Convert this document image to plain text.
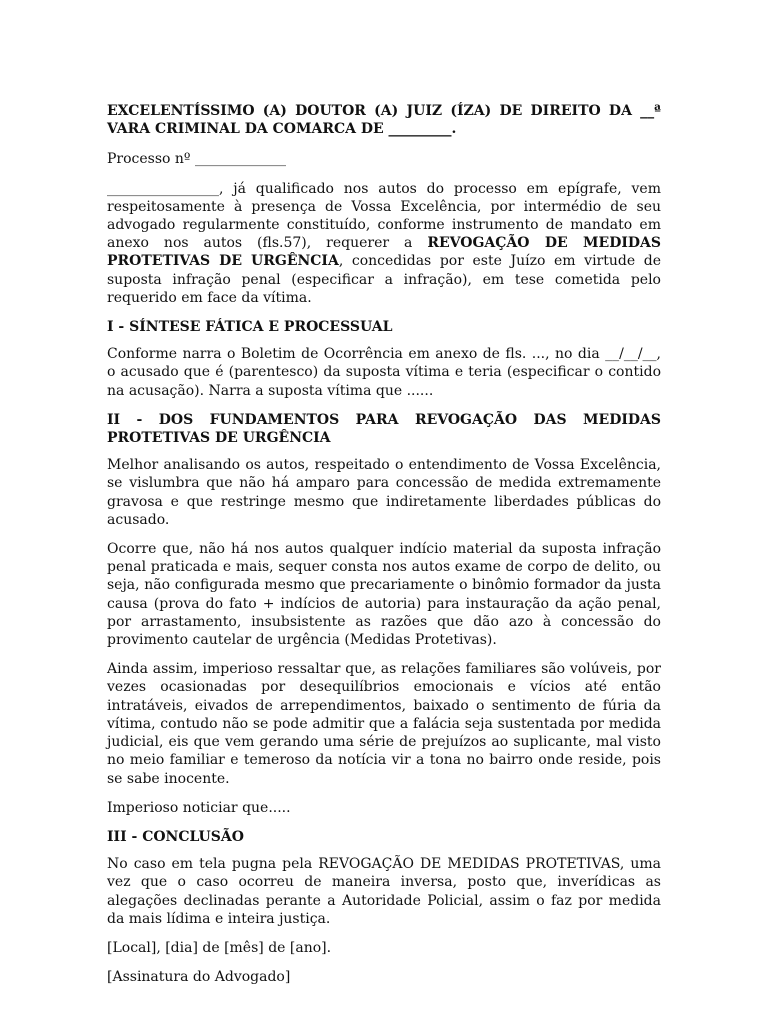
EXCELENTÍSSIMO (A) DOUTOR (A) JUIZ (ÍZA) DE DIREITO DA __ª VARA CRIMINAL DA COMARCA DE _________.

Processo nº _____________

________________, já qualificado nos autos do processo em epígrafe, vem respeitosamente à presença de Vossa Excelência, por intermédio de seu advogado regularmente constituído, conforme instrumento de mandato em anexo nos autos (fls.57), requerer a REVOGAÇÃO DE MEDIDAS PROTETIVAS DE URGÊNCIA, concedidas por este Juízo em virtude de suposta infração penal (especificar a infração), em tese cometida pelo requerido em face da vítima.

I - SÍNTESE FÁTICA E PROCESSUAL

Conforme narra o Boletim de Ocorrência em anexo de fls. ..., no dia __/__/__, o acusado que é (parentesco) da suposta vítima e teria (especificar o contido na acusação). Narra a suposta vítima que ......

II - DOS FUNDAMENTOS PARA REVOGAÇÃO DAS MEDIDAS PROTETIVAS DE URGÊNCIA

Melhor analisando os autos, respeitado o entendimento de Vossa Excelência, se vislumbra que não há amparo para concessão de medida extremamente gravosa e que restringe mesmo que indiretamente liberdades públicas do acusado.

Ocorre que, não há nos autos qualquer indício material da suposta infração penal praticada e mais, sequer consta nos autos exame de corpo de delito, ou seja, não configurada mesmo que precariamente o binômio formador da justa causa (prova do fato + indícios de autoria) para instauração da ação penal, por arrastamento, insubsistente as razões que dão azo à concessão do provimento cautelar de urgência (Medidas Protetivas).

Ainda assim, imperioso ressaltar que, as relações familiares são volúveis, por vezes ocasionadas por desequilíbrios emocionais e vícios até então intratáveis, eivados de arrependimentos, baixado o sentimento de fúria da vítima, contudo não se pode admitir que a falácia seja sustentada por medida judicial, eis que vem gerando uma série de prejuízos ao suplicante, mal visto no meio familiar e temeroso da notícia vir a tona no bairro onde reside, pois se sabe inocente.

Imperioso noticiar que.....

III - CONCLUSÃO

No caso em tela pugna pela REVOGAÇÃO DE MEDIDAS PROTETIVAS, uma vez que o caso ocorreu de maneira inversa, posto que, inverídicas as alegações declinadas perante a Autoridade Policial, assim o faz por medida da mais lídima e inteira justiça.

[Local], [dia] de [mês] de [ano].

[Assinatura do Advogado]
